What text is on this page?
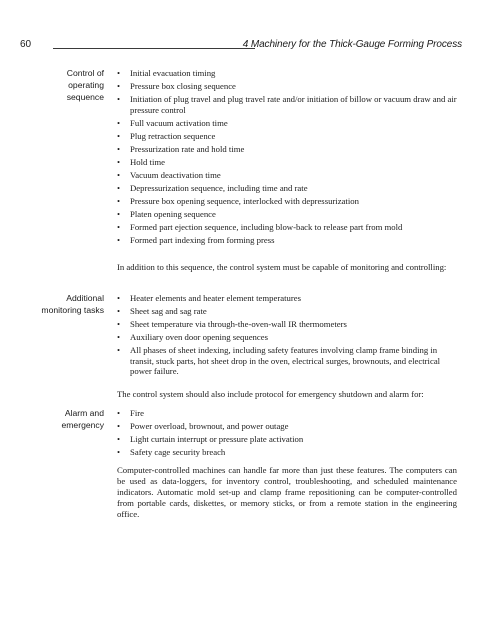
60	4 Machinery for the Thick-Gauge Forming Process
Control of
operating
sequence
Additional
monitoring tasks
Alarm and
emergency
• Initial evacuation timing
• Pressure box closing sequence
• Initiation of plug travel and plug travel rate and/or initiation of billow or vacuum draw and air pressure control
• Full vacuum activation time
• Plug retraction sequence
• Pressurization rate and hold time
• Hold time
• Vacuum deactivation time
• Depressurization sequence, including time and rate
• Pressure box opening sequence, interlocked with depressurization
• Platen opening sequence
• Formed part ejection sequence, including blow-back to release part from mold
• Formed part indexing from forming press

In addition to this sequence, the control system must be capable of monitoring and controlling:

• Heater elements and heater element temperatures
• Sheet sag and sag rate
• Sheet temperature via through-the-oven-wall IR thermometers
• Auxiliary oven door opening sequences
• All phases of sheet indexing, including safety features involving clamp frame binding in transit, stuck parts, hot sheet drop in the oven, electrical surges, brownouts, and electrical power failure.

The control system should also include protocol for emergency shutdown and alarm for:

• Fire
• Power overload, brownout, and power outage
• Light curtain interrupt or pressure plate activation
• Safety cage security breach

Computer-controlled machines can handle far more than just these features. The computers can be used as data-loggers, for inventory control, troubleshooting, and scheduled maintenance indicators. Automatic mold set-up and clamp frame repositioning can be computer-controlled from portable cards, diskettes, or memory sticks, or from a remote station in the engineering office.
